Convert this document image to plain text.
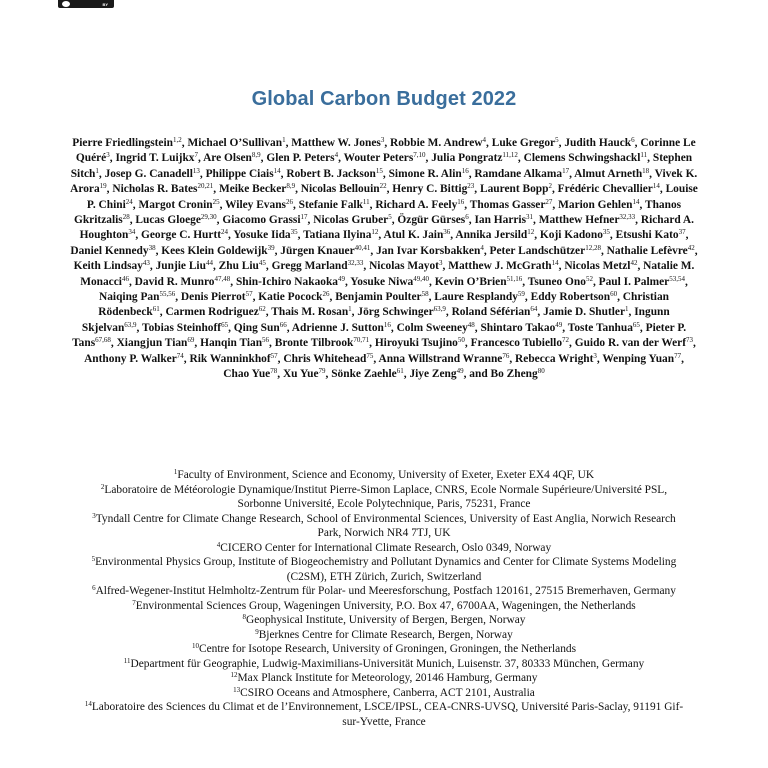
BY
Global Carbon Budget 2022
Pierre Friedlingstein$^{1,2}$, Michael O’Sullivan$^1$, Matthew W. Jones$^3$, Robbie M. Andrew$^4$, Luke Gregor$^5$, Judith Hauck$^6$, Corinne Le Quéré$^3$, Ingrid T. Luijkx$^7$, Are Olsen$^{8,9}$, Glen P. Peters$^4$, Wouter Peters$^{7,10}$, Julia Pongratz$^{11,12}$, Clemens Schwingshackl$^{11}$, Stephen Sitch$^1$, Josep G. Canadell$^{13}$, Philippe Ciais$^{14}$, Robert B. Jackson$^{15}$, Simone R. Alin$^{16}$, Ramdane Alkama$^{17}$, Almut Arneth$^{18}$, Vivek K. Arora$^{19}$, Nicholas R. Bates$^{20,21}$, Meike Becker$^{8,9}$, Nicolas Bellouin$^{22}$, Henry C. Bittig$^{23}$, Laurent Bopp$^2$, Frédéric Chevallier$^{14}$, Louise P. Chini$^{24}$, Margot Cronin$^{25}$, Wiley Evans$^{26}$, Stefanie Falk$^{11}$, Richard A. Feely$^{16}$, Thomas Gasser$^{27}$, Marion Gehlen$^{14}$, Thanos Gkritzalis$^{28}$, Lucas Gloege$^{29,30}$, Giacomo Grassi$^{17}$, Nicolas Gruber$^5$, Özgür Gürses$^6$, Ian Harris$^{31}$, Matthew Hefner$^{32,33}$, Richard A. Houghton$^{34}$, George C. Hurtt$^{24}$, Yosuke Iida$^{35}$, Tatiana Ilyina$^{12}$, Atul K. Jain$^{36}$, Annika Jersild$^{12}$, Koji Kadono$^{35}$, Etsushi Kato$^{37}$, Daniel Kennedy$^{38}$, Kees Klein Goldewijk$^{39}$, Jürgen Knauer$^{40,41}$, Jan Ivar Korsbakken$^4$, Peter Landschützer$^{12,28}$, Nathalie Lefèvre$^{42}$, Keith Lindsay$^{43}$, Junjie Liu$^{44}$, Zhu Liu$^{45}$, Gregg Marland$^{32,33}$, Nicolas Mayot$^3$, Matthew J. McGrath$^{14}$, Nicolas Metzl$^{42}$, Natalie M. Monacci$^{46}$, David R. Munro$^{47,48}$, Shin-Ichiro Nakaoka$^{49}$, Yosuke Niwa$^{49,40}$, Kevin O’Brien$^{51,16}$, Tsuneo Ono$^{52}$, Paul I. Palmer$^{53,54}$, Naiqing Pan$^{55,56}$, Denis Pierrot$^{57}$, Katie Pocock$^{26}$, Benjamin Poulter$^{58}$, Laure Resplandy$^{59}$, Eddy Robertson$^{60}$, Christian Rödenbeck$^{61}$, Carmen Rodriguez$^{62}$, Thais M. Rosan$^1$, Jörg Schwinger$^{63,9}$, Roland Séférian$^{64}$, Jamie D. Shutler$^1$, Ingunn Skjelvan$^{63,9}$, Tobias Steinhoff$^{65}$, Qing Sun$^{66}$, Adrienne J. Sutton$^{16}$, Colm Sweeney$^{48}$, Shintaro Takao$^{49}$, Toste Tanhua$^{65}$, Pieter P. Tans$^{67,68}$, Xiangjun Tian$^{69}$, Hanqin Tian$^{56}$, Bronte Tilbrook$^{70,71}$, Hiroyuki Tsujino$^{50}$, Francesco Tubiello$^{72}$, Guido R. van der Werf$^{73}$, Anthony P. Walker$^{74}$, Rik Wanninkhof$^{57}$, Chris Whitehead$^{75}$, Anna Willstrand Wranne$^{76}$, Rebecca Wright$^3$, Wenping Yuan$^{77}$, Chao Yue$^{78}$, Xu Yue$^{79}$, Sönke Zaehle$^{61}$, Jiye Zeng$^{49}$, and Bo Zheng$^{80}$
$^1$Faculty of Environment, Science and Economy, University of Exeter, Exeter EX4 4QF, UK
$^2$Laboratoire de Météorologie Dynamique/Institut Pierre-Simon Laplace, CNRS, Ecole Normale Supérieure/Université PSL, Sorbonne Université, Ecole Polytechnique, Paris, 75231, France
$^3$Tyndall Centre for Climate Change Research, School of Environmental Sciences, University of East Anglia, Norwich Research Park, Norwich NR4 7TJ, UK
$^4$CICERO Center for International Climate Research, Oslo 0349, Norway
$^5$Environmental Physics Group, Institute of Biogeochemistry and Pollutant Dynamics and Center for Climate Systems Modeling (C2SM), ETH Zürich, Zurich, Switzerland
$^6$Alfred-Wegener-Institut Helmholtz-Zentrum für Polar- und Meeresforschung, Postfach 120161, 27515 Bremerhaven, Germany
$^7$Environmental Sciences Group, Wageningen University, P.O. Box 47, 6700AA, Wageningen, the Netherlands
$^8$Geophysical Institute, University of Bergen, Bergen, Norway
$^9$Bjerknes Centre for Climate Research, Bergen, Norway
$^{10}$Centre for Isotope Research, University of Groningen, Groningen, the Netherlands
$^{11}$Department für Geographie, Ludwig-Maximilians-Universität Munich, Luisenstr. 37, 80333 München, Germany
$^{12}$Max Planck Institute for Meteorology, 20146 Hamburg, Germany
$^{13}$CSIRO Oceans and Atmosphere, Canberra, ACT 2101, Australia
$^{14}$Laboratoire des Sciences du Climat et de l’Environnement, LSCE/IPSL, CEA-CNRS-UVSQ, Université Paris-Saclay, 91191 Gif-sur-Yvette, France
